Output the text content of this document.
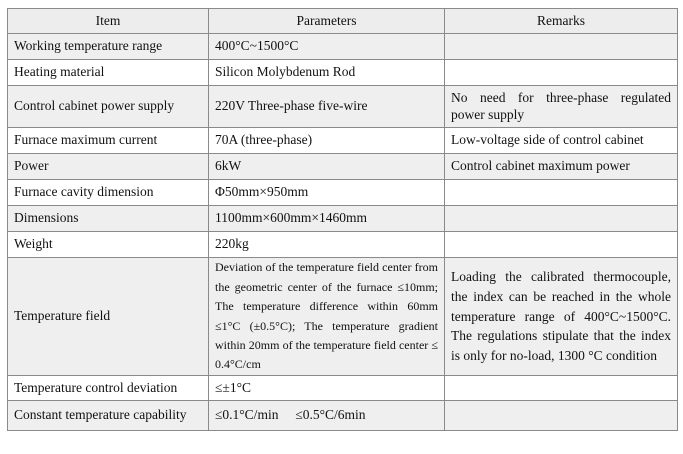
Item	Parameters	Remarks
Working temperature range	400°C~1500°C	
Heating material	Silicon Molybdenum Rod	
Control cabinet power supply	220V Three-phase five-wire	No need for three-phase regulated power supply
Furnace maximum current	70A (three-phase)	Low-voltage side of control cabinet
Power	6kW	Control cabinet maximum power
Furnace cavity dimension	Φ50mm×950mm	
Dimensions	1100mm×600mm×1460mm	
Weight	220kg	
Temperature field	Deviation of the temperature field center from the geometric center of the furnace ≤10mm; The temperature difference within 60mm ≤1°C (±0.5°C); The temperature gradient within 20mm of the temperature field center ≤ 0.4°C/cm	Loading the calibrated thermocouple, the index can be reached in the whole temperature range of 400°C~1500°C. The regulations stipulate that the index is only for no-load, 1300 °C condition
Temperature control deviation	≤±1°C	
Constant temperature capability	≤0.1°C/min     ≤0.5°C/6min	
